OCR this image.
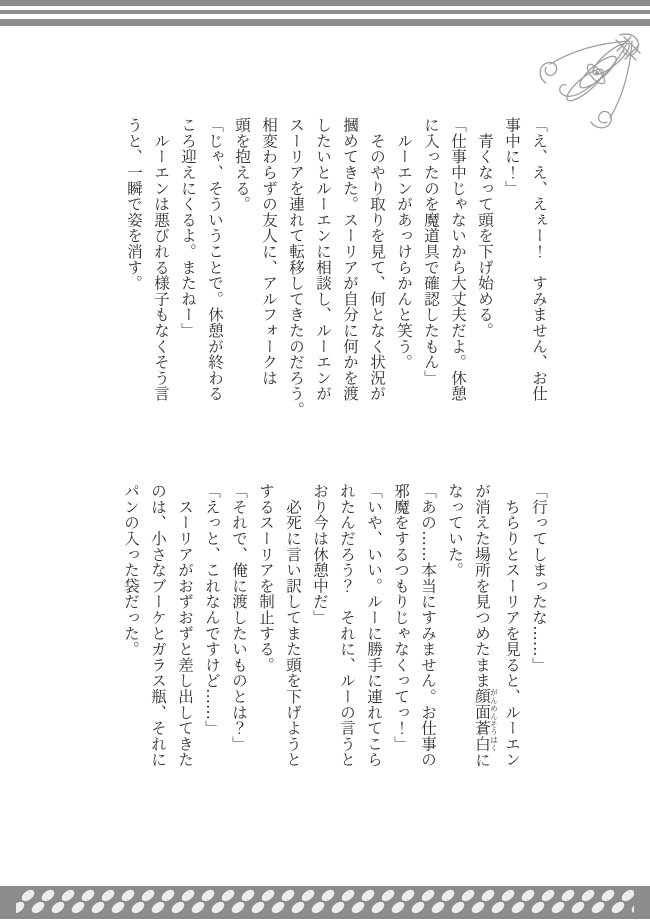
「え、え、えぇー！　すみません、お仕

事中に！」

　青くなって頭を下げ始める。

「仕事中じゃないから大丈夫だよ。休憩

に入ったのを魔道具で確認したもん」

　ルーエンがあっけらかんと笑う。

　そのやり取りを見て、何となく状況が

摑めてきた。スーリアが自分に何かを渡

したいとルーエンに相談し、ルーエンが

スーリアを連れて転移してきたのだろう。

相変わらずの友人に、アルフォークは

頭を抱える。

「じゃ、そういうことで。休憩が終わる

ころ迎えにくるよ。またねー」

　ルーエンは悪びれる様子もなくそう言

うと、一瞬で姿を消す。

「行ってしまったな……」

　ちらりとスーリアを見ると、ルーエン

が消えた場所を見つめたまま顔がん面めん蒼そう白はくに

なっていた。

「あの……本当にすみません。お仕事の

邪魔をするつもりじゃなくってっ！」

「いや、いい。ルーに勝手に連れてこら

れたんだろう？　それに、ルーの言うと

おり今は休憩中だ」

　必死に言い訳してまた頭を下げようと

するスーリアを制止する。

「それで、俺に渡したいものとは？」

「えっと、これなんですけど……」

　スーリアがおずおずと差し出してきた

のは、小さなブーケとガラス瓶、それに

パンの入った袋だった。
